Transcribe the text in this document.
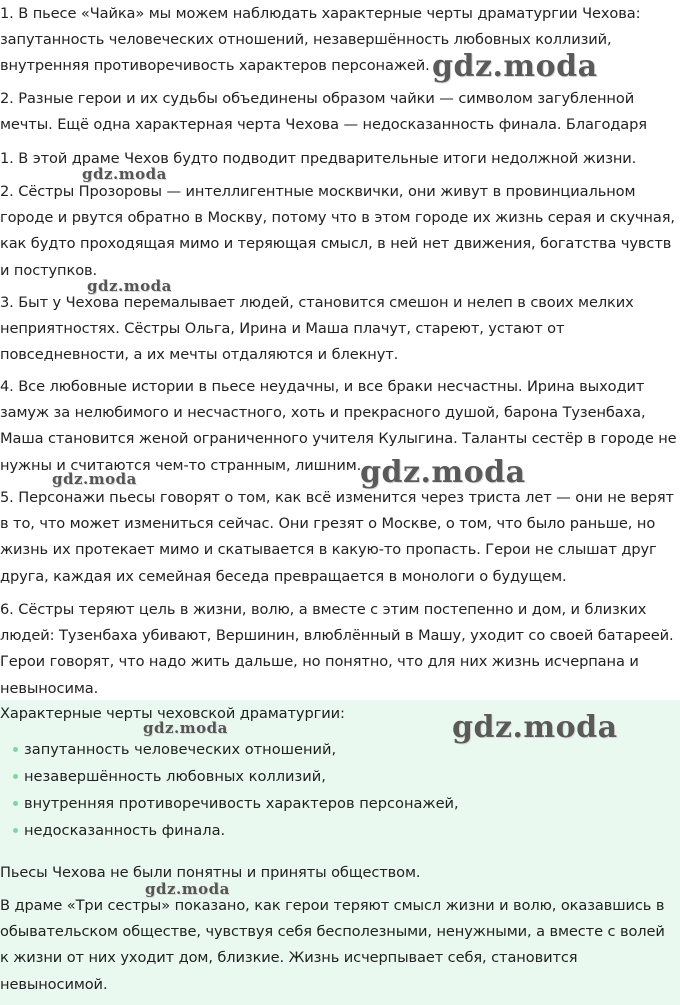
1. В пьесе «Чайка» мы можем наблюдать характерные черты драматургии Чехова: запутанность человеческих отношений, незавершённость любовных коллизий, внутренняя противоречивость характеров персонажей.

2. Разные герои и их судьбы объединены образом чайки — символом загубленной мечты. Ещё одна характерная черта Чехова — недосказанность финала. Благодаря

1. В этой драме Чехов будто подводит предварительные итоги недолжной жизни.

2. Сёстры Прозоровы — интеллигентные москвички, они живут в провинциальном городе и рвутся обратно в Москву, потому что в этом городе их жизнь серая и скучная, как будто проходящая мимо и теряющая смысл, в ней нет движения, богатства чувств и поступков.

3. Быт у Чехова перемалывает людей, становится смешон и нелеп в своих мелких неприятностях. Сёстры Ольга, Ирина и Маша плачут, стареют, устают от повседневности, а их мечты отдаляются и блекнут.

4. Все любовные истории в пьесе неудачны, и все браки несчастны. Ирина выходит замуж за нелюбимого и несчастного, хоть и прекрасного душой, барона Тузенбаха, Маша становится женой ограниченного учителя Кулыгина. Таланты сестёр в городе не нужны и считаются чем-то странным, лишним.

5. Персонажи пьесы говорят о том, как всё изменится через триста лет — они не верят в то, что может измениться сейчас. Они грезят о Москве, о том, что было раньше, но жизнь их протекает мимо и скатывается в какую-то пропасть. Герои не слышат друг друга, каждая их семейная беседа превращается в монологи о будущем.

6. Сёстры теряют цель в жизни, волю, а вместе с этим постепенно и дом, и близких людей: Тузенбаха убивают, Вершинин, влюблённый в Машу, уходит со своей батареей. Герои говорят, что надо жить дальше, но понятно, что для них жизнь исчерпана и невыносима.

Характерные черты чеховской драматургии:

запутанность человеческих отношений,
незавершённость любовных коллизий,
внутренняя противоречивость характеров персонажей,
недосказанность финала.

Пьесы Чехова не были понятны и приняты обществом.

В драме «Три сестры» показано, как герои теряют смысл жизни и волю, оказавшись в обывательском обществе, чувствуя себя бесполезными, ненужными, а вместе с волей к жизни от них уходит дом, близкие. Жизнь исчерпывает себя, становится невыносимой.

gdz.moda
gdz.moda
gdz.moda
gdz.moda
gdz.moda
gdz.moda
gdz.moda
gdz.moda
